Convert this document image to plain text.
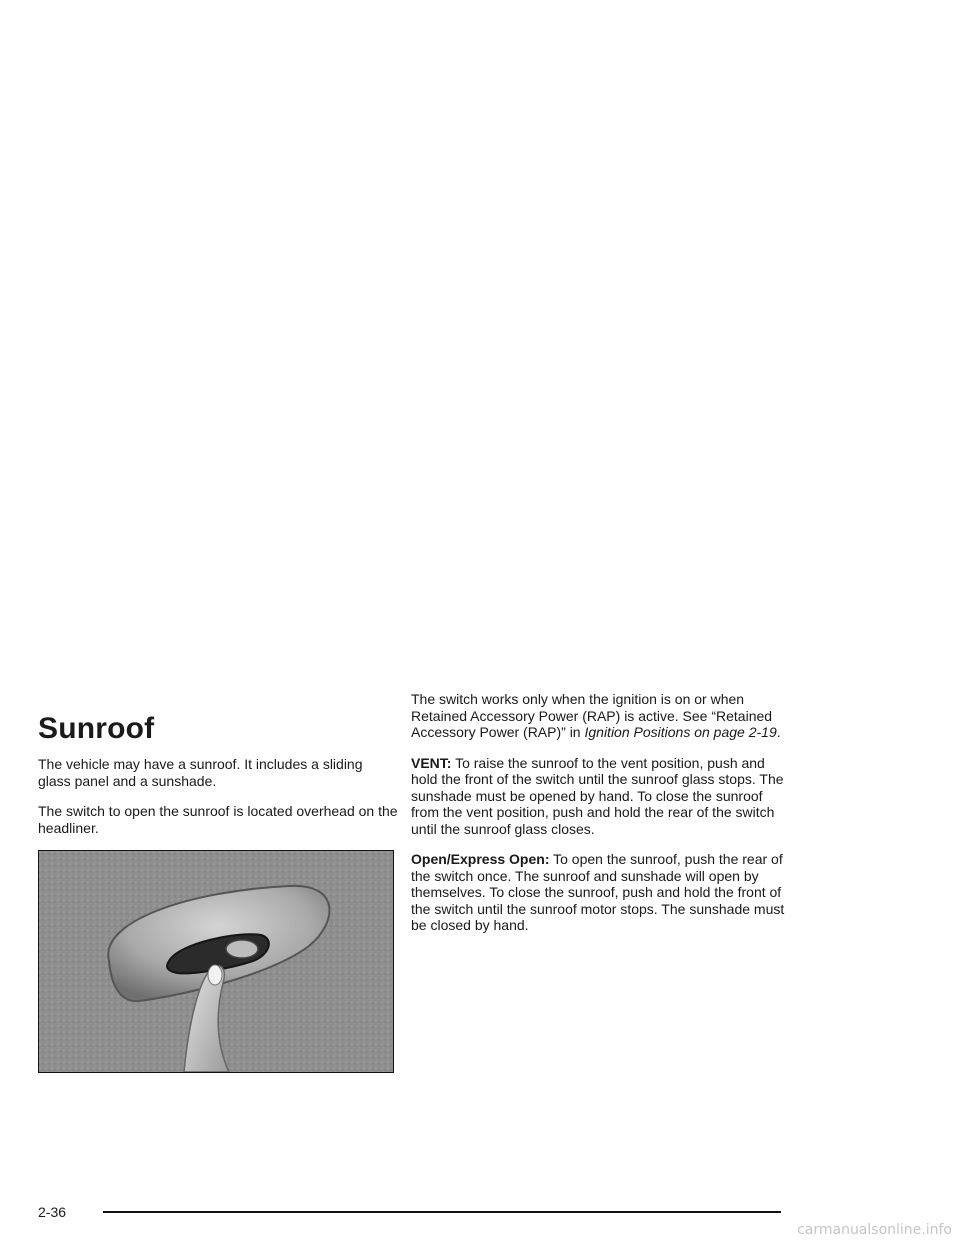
Sunroof

The vehicle may have a sunroof. It includes a sliding glass panel and a sunshade.

The switch to open the sunroof is located overhead on the headliner.

The switch works only when the ignition is on or when Retained Accessory Power (RAP) is active. See “Retained Accessory Power (RAP)” in Ignition Positions on page 2-19.

VENT: To raise the sunroof to the vent position, push and hold the front of the switch until the sunroof glass stops. The sunshade must be opened by hand. To close the sunroof from the vent position, push and hold the rear of the switch until the sunroof glass closes.

Open/Express Open: To open the sunroof, push the rear of the switch once. The sunroof and sunshade will open by themselves. To close the sunroof, push and hold the front of the switch until the sunroof motor stops. The sunshade must be closed by hand.

2-36
carmanualsonline.info
